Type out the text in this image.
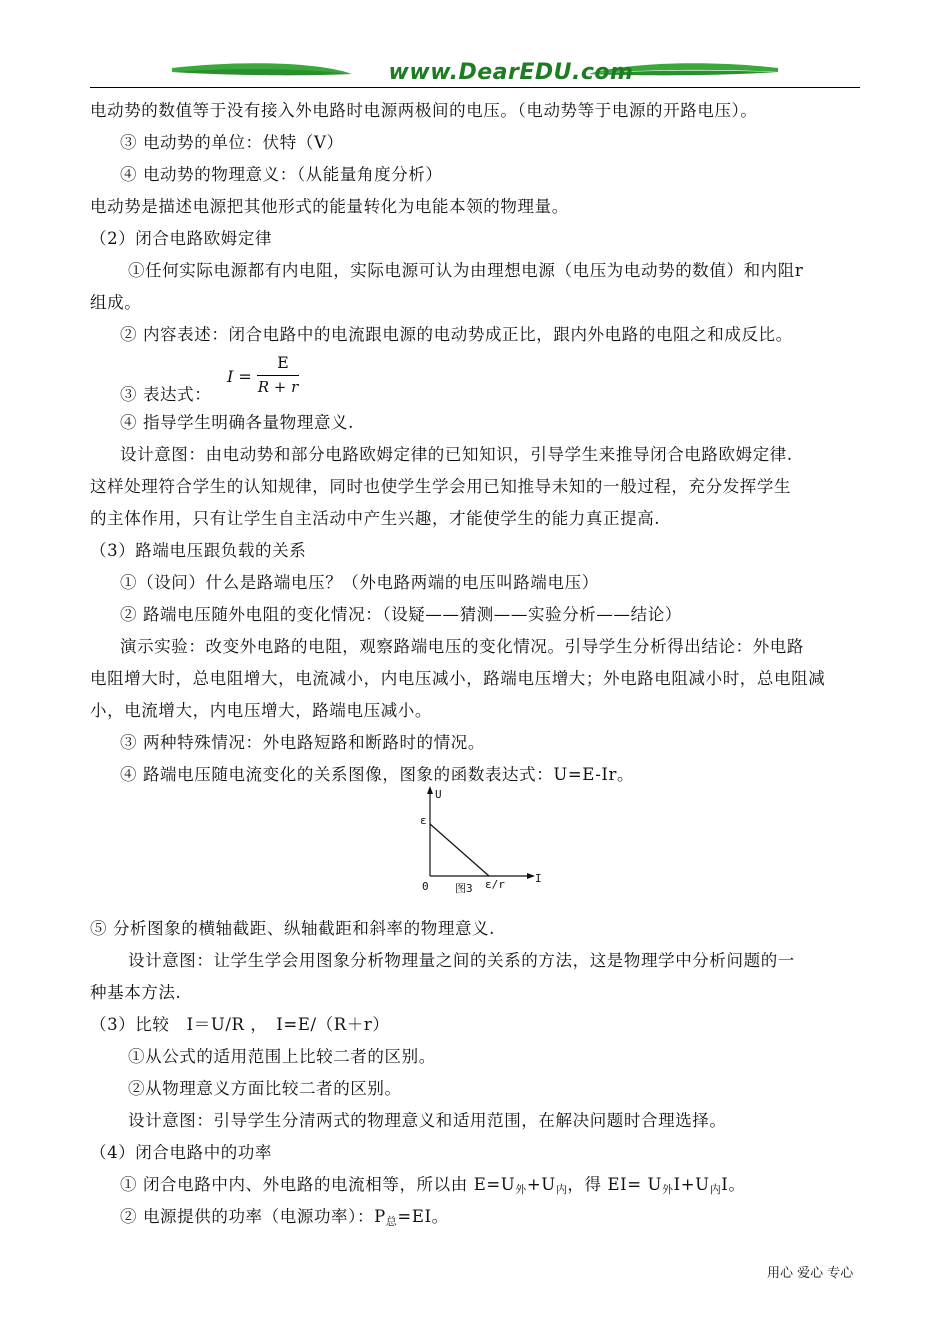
www.DearEDU.com
电动势的数值等于没有接入外电路时电源两极间的电压。（电动势等于电源的开路电压）。
③ 电动势的单位：伏特（V）
④ 电动势的物理意义：（从能量角度分析）
电动势是描述电源把其他形式的能量转化为电能本领的物理量。
（2）闭合电路欧姆定律
①任何实际电源都有内电阻，实际电源可认为由理想电源（电压为电动势的数值）和内阻r
组成。
② 内容表述：闭合电路中的电流跟电源的电动势成正比，跟内外电路的电阻之和成反比。
③ 表达式：
I =
E
R + r
④ 指导学生明确各量物理意义.
设计意图：由电动势和部分电路欧姆定律的已知知识，引导学生来推导闭合电路欧姆定律.
这样处理符合学生的认知规律，同时也使学生学会用已知推导未知的一般过程，充分发挥学生
的主体作用，只有让学生自主活动中产生兴趣，才能使学生的能力真正提高.
（3）路端电压跟负载的关系
①（设问）什么是路端电压？（外电路两端的电压叫路端电压）
② 路端电压随外电阻的变化情况：（设疑——猜测——实验分析——结论）
演示实验：改变外电路的电阻，观察路端电压的变化情况。引导学生分析得出结论：外电路
电阻增大时，总电阻增大，电流减小，内电压减小，路端电压增大；外电路电阻减小时，总电阻减
小，电流增大，内电压增大，路端电压减小。
③ 两种特殊情况：外电路短路和断路时的情况。
④ 路端电压随电流变化的关系图像，图象的函数表达式：U=E-Ir。
⑤ 分析图象的横轴截距、纵轴截距和斜率的物理意义.
设计意图：让学生学会用图象分析物理量之间的关系的方法，这是物理学中分析问题的一
种基本方法.
（3）比较　I＝U/R ，　I=E/（R＋r）
①从公式的适用范围上比较二者的区别。
②从物理意义方面比较二者的区别。
设计意图：引导学生分清两式的物理意义和适用范围，在解决问题时合理选择。
（4）闭合电路中的功率
① 闭合电路中内、外电路的电流相等，所以由 $E=U_外+U_内$，得 $EI= U_外I+U_内I$。
② 电源提供的功率（电源功率）：$P_总=EI$。
U
I
0
ε
ε/r
图3
用心 爱心 专心
